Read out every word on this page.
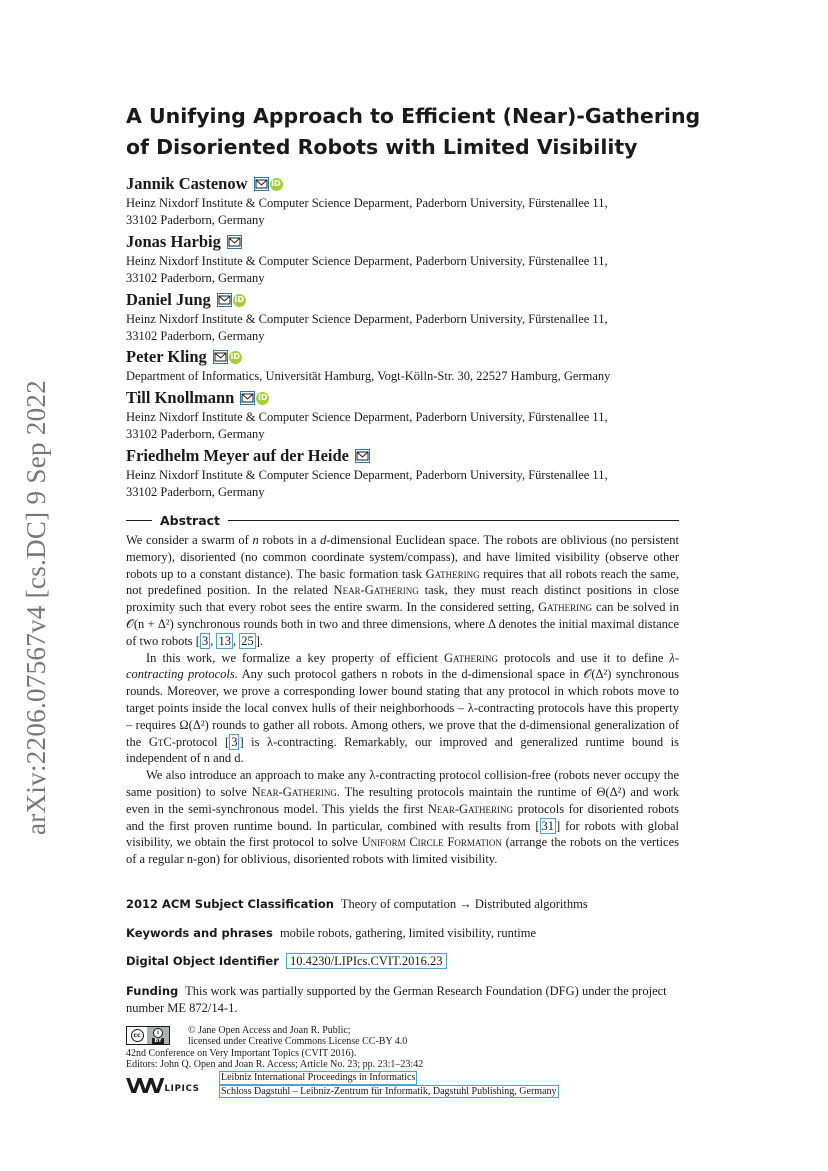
arXiv:2206.07567v4 [cs.DC] 9 Sep 2022
A Unifying Approach to Efficient (Near)-Gathering
of Disoriented Robots with Limited Visibility
Jannik Castenow	iD
Heinz Nixdorf Institute & Computer Science Deparment, Paderborn University, Fürstenallee 11,
33102 Paderborn, Germany
Jonas Harbig
Heinz Nixdorf Institute & Computer Science Deparment, Paderborn University, Fürstenallee 11,
33102 Paderborn, Germany
Daniel Jung	iD
Heinz Nixdorf Institute & Computer Science Deparment, Paderborn University, Fürstenallee 11,
33102 Paderborn, Germany
Peter Kling	iD
Department of Informatics, Universität Hamburg, Vogt-Kölln-Str. 30, 22527 Hamburg, Germany
Till Knollmann	iD
Heinz Nixdorf Institute & Computer Science Deparment, Paderborn University, Fürstenallee 11,
33102 Paderborn, Germany
Friedhelm Meyer auf der Heide
Heinz Nixdorf Institute & Computer Science Deparment, Paderborn University, Fürstenallee 11,
33102 Paderborn, Germany
Abstract

We consider a swarm of n robots in a d-dimensional Euclidean space. The robots are oblivious (no persistent memory), disoriented (no common coordinate system/compass), and have limited visibility (observe other robots up to a constant distance). The basic formation task Gathering requires that all robots reach the same, not predefined position. In the related Near-Gathering task, they must reach distinct positions in close proximity such that every robot sees the entire swarm. In the considered setting, Gathering can be solved in 𝒪(n + Δ²) synchronous rounds both in two and three dimensions, where Δ denotes the initial maximal distance of two robots [ 3 , 13 , 25 ].

In this work, we formalize a key property of efficient Gathering protocols and use it to define λ-contracting protocols. Any such protocol gathers n robots in the d-dimensional space in 𝒪(Δ²) synchronous rounds. Moreover, we prove a corresponding lower bound stating that any protocol in which robots move to target points inside the local convex hulls of their neighborhoods – λ-contracting protocols have this property – requires Ω(Δ²) rounds to gather all robots. Among others, we prove that the d-dimensional generalization of the GtC-protocol [ 3 ] is λ-contracting. Remarkably, our improved and generalized runtime bound is independent of n and d.

We also introduce an approach to make any λ-contracting protocol collision-free (robots never occupy the same position) to solve Near-Gathering. The resulting protocols maintain the runtime of Θ(Δ²) and work even in the semi-synchronous model. This yields the first Near-Gathering protocols for disoriented robots and the first proven runtime bound. In particular, combined with results from [ 31 ] for robots with global visibility, we obtain the first protocol to solve Uniform Circle Formation (arrange the robots on the vertices of a regular n-gon) for oblivious, disoriented robots with limited visibility.

2012 ACM Subject Classification Theory of computation → Distributed algorithms
Keywords and phrases mobile robots, gathering, limited visibility, runtime
Digital Object Identifier 10.4230/LIPIcs.CVIT.2016.23
Funding This work was partially supported by the German Research Foundation (DFG) under the project number ME 872/14-1.
cc	i
BY
© Jane Open Access and Joan R. Public;
licensed under Creative Commons License CC-BY 4.0
42nd Conference on Very Important Topics (CVIT 2016).
Editors: John Q. Open and Joan R. Access; Article No. 23; pp. 23:1–23:42
VVV LIPICS
Leibniz International Proceedings in Informatics
Schloss Dagstuhl – Leibniz-Zentrum für Informatik, Dagstuhl Publishing, Germany
